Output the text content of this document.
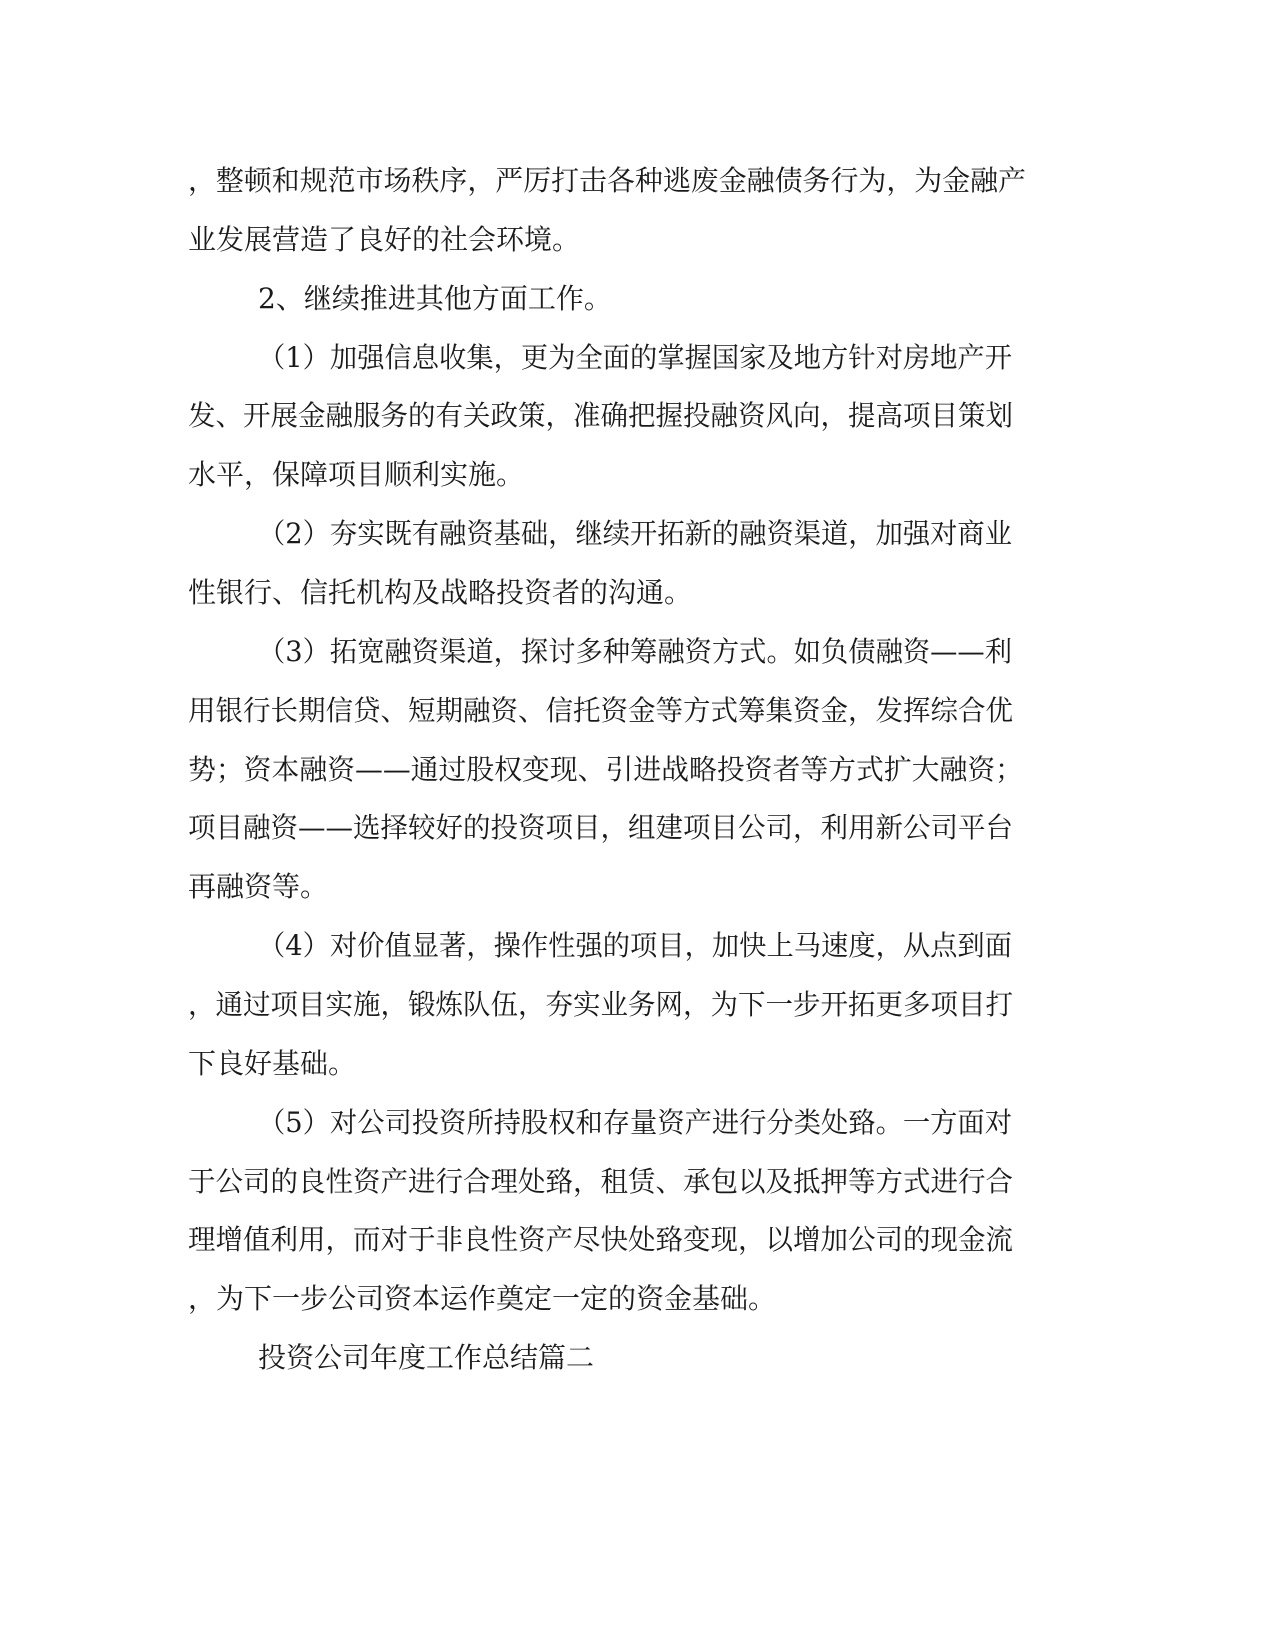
，整顿和规范市场秩序，严厉打击各种逃废金融债务行为，为金融产
业发展营造了良好的社会环境。
2、继续推进其他方面工作。
（1）加强信息收集，更为全面的掌握国家及地方针对房地产开
发、开展金融服务的有关政策，准确把握投融资风向，提高项目策划
水平，保障项目顺利实施。
（2）夯实既有融资基础，继续开拓新的融资渠道，加强对商业
性银行、信托机构及战略投资者的沟通。
（3）拓宽融资渠道，探讨多种筹融资方式。如负债融资——利
用银行长期信贷、短期融资、信托资金等方式筹集资金，发挥综合优
势；资本融资——通过股权变现、引进战略投资者等方式扩大融资；
项目融资——选择较好的投资项目，组建项目公司，利用新公司平台
再融资等。
（4）对价值显著，操作性强的项目，加快上马速度，从点到面
，通过项目实施，锻炼队伍，夯实业务网，为下一步开拓更多项目打
下良好基础。
（5）对公司投资所持股权和存量资产进行分类处臵。一方面对
于公司的良性资产进行合理处臵，租赁、承包以及抵押等方式进行合
理增值利用，而对于非良性资产尽快处臵变现，以增加公司的现金流
，为下一步公司资本运作奠定一定的资金基础。
投资公司年度工作总结篇二
